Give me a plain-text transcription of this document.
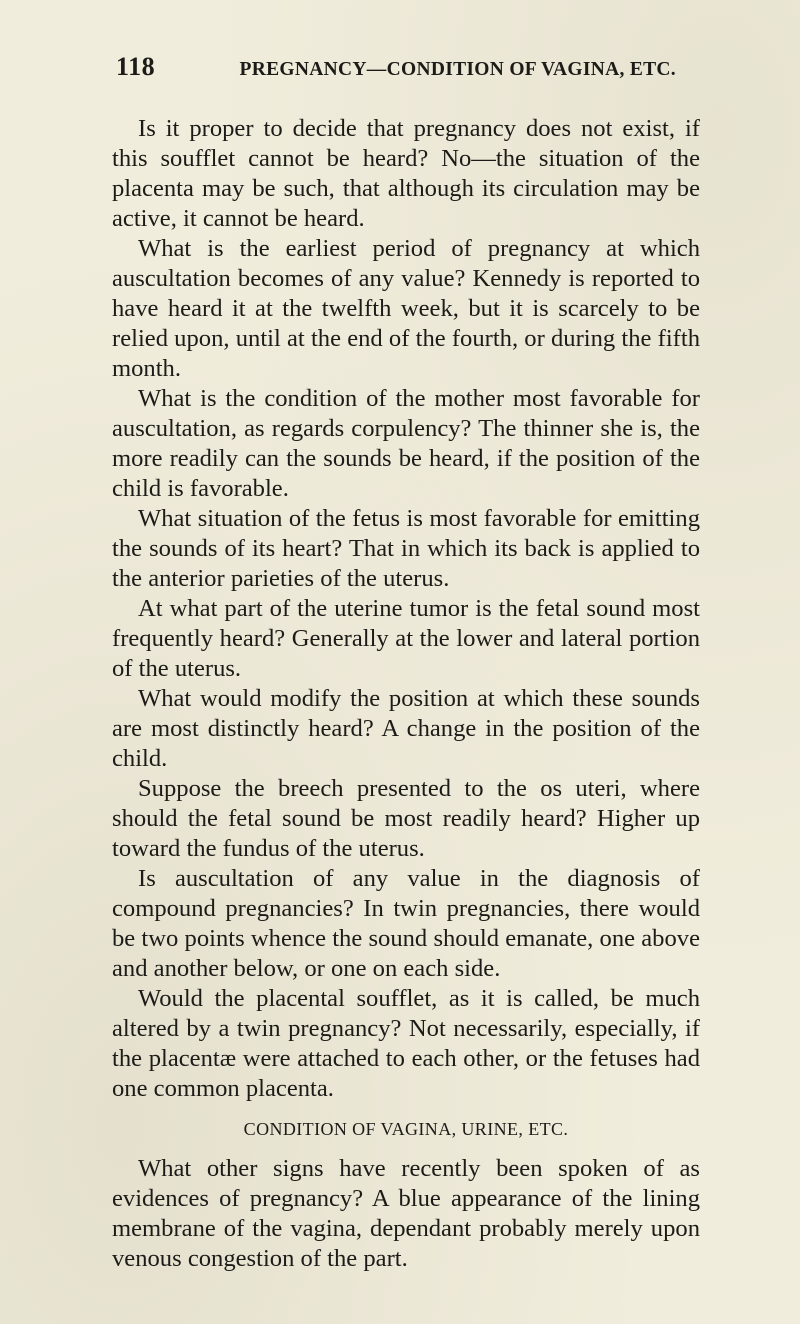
118	PREGNANCY—CONDITION OF VAGINA, ETC.

Is it proper to decide that pregnancy does not exist, if this soufflet cannot be heard? No—the situation of the placenta may be such, that although its circulation may be active, it cannot be heard.

What is the earliest period of pregnancy at which auscultation becomes of any value? Kennedy is reported to have heard it at the twelfth week, but it is scarcely to be relied upon, until at the end of the fourth, or during the fifth month.

What is the condition of the mother most favorable for auscultation, as regards corpulency? The thinner she is, the more readily can the sounds be heard, if the position of the child is favorable.

What situation of the fetus is most favorable for emitting the sounds of its heart? That in which its back is applied to the anterior parieties of the uterus.

At what part of the uterine tumor is the fetal sound most frequently heard? Generally at the lower and lateral portion of the uterus.

What would modify the position at which these sounds are most distinctly heard? A change in the position of the child.

Suppose the breech presented to the os uteri, where should the fetal sound be most readily heard? Higher up toward the fundus of the uterus.

Is auscultation of any value in the diagnosis of compound pregnancies? In twin pregnancies, there would be two points whence the sound should emanate, one above and another below, or one on each side.

Would the placental soufflet, as it is called, be much altered by a twin pregnancy? Not necessarily, especially, if the placentæ were attached to each other, or the fetuses had one common placenta.

CONDITION OF VAGINA, URINE, ETC.

What other signs have recently been spoken of as evidences of pregnancy? A blue appearance of the lining membrane of the vagina, dependant probably merely upon venous congestion of the part.
